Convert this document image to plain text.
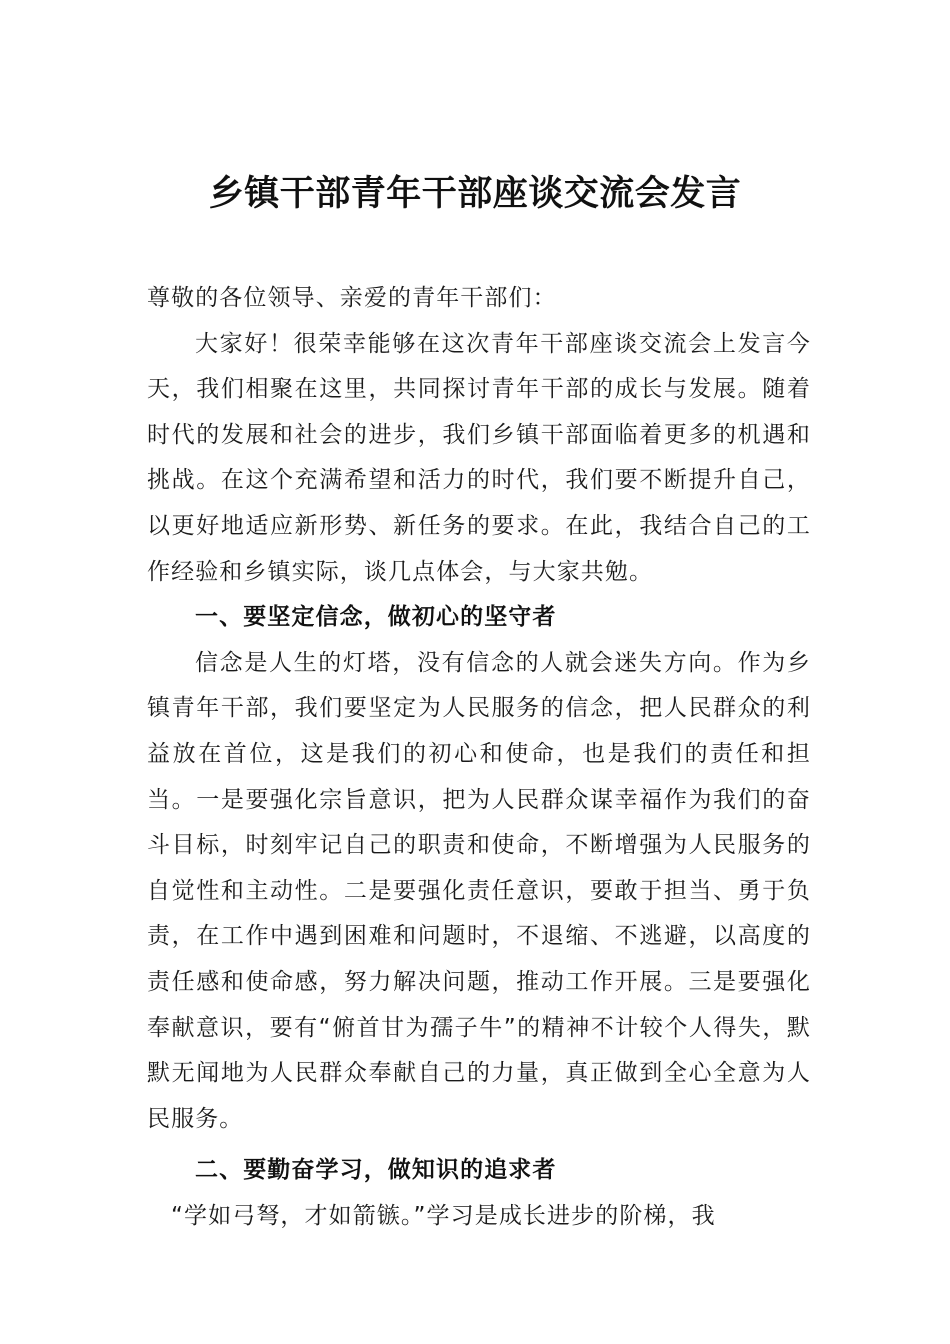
乡镇干部青年干部座谈交流会发言

尊敬的各位领导、亲爱的青年干部们：

大家好！很荣幸能够在这次青年干部座谈交流会上发言今天，我们相聚在这里，共同探讨青年干部的成长与发展。随着时代的发展和社会的进步，我们乡镇干部面临着更多的机遇和挑战。在这个充满希望和活力的时代，我们要不断提升自己，以更好地适应新形势、新任务的要求。在此，我结合自己的工作经验和乡镇实际，谈几点体会，与大家共勉。

一、要坚定信念，做初心的坚守者

信念是人生的灯塔，没有信念的人就会迷失方向。作为乡镇青年干部，我们要坚定为人民服务的信念，把人民群众的利益放在首位，这是我们的初心和使命，也是我们的责任和担当。一是要强化宗旨意识，把为人民群众谋幸福作为我们的奋斗目标，时刻牢记自己的职责和使命，不断增强为人民服务的自觉性和主动性。二是要强化责任意识，要敢于担当、勇于负责，在工作中遇到困难和问题时，不退缩、不逃避，以高度的责任感和使命感，努力解决问题，推动工作开展。三是要强化奉献意识，要有“俯首甘为孺子牛”的精神不计较个人得失，默默无闻地为人民群众奉献自己的力量，真正做到全心全意为人民服务。

二、要勤奋学习，做知识的追求者

“学如弓弩，才如箭镞。”学习是成长进步的阶梯，我
